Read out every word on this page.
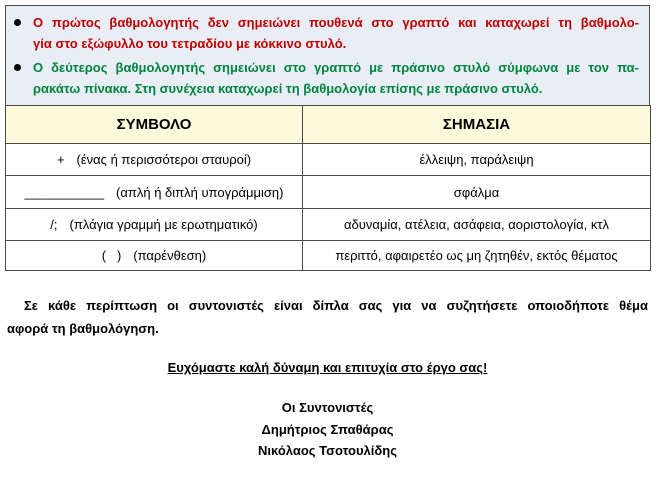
Ο πρώτος βαθμολογητής δεν σημειώνει πουθενά στο γραπτό και καταχωρεί τη βαθμολο-
γία στο εξώφυλλο του τετραδίου με κόκκινο στυλό.
Ο δεύτερος βαθμολογητής σημειώνει στο γραπτό με πράσινο στυλό σύμφωνα με τον πα-
ρακάτω πίνακα. Στη συνέχεια καταχωρεί τη βαθμολογία επίσης με πράσινο στυλό.
ΣΥΜΒΟΛΟ	ΣΗΜΑΣΙΑ
+ (ένας ή περισσότεροι σταυροί)	έλλειψη, παράλειψη
___________ (απλή ή διπλή υπογράμμιση)	σφάλμα
/; (πλάγια γραμμή με ερωτηματικό)	αδυναμία, ατέλεια, ασάφεια, αοριστολογία, κτλ
(   ) (παρένθεση)	περιττό, αφαιρετέο ως μη ζητηθέν, εκτός θέματος
Σε κάθε περίπτωση οι συντονιστές είναι δίπλα σας για να συζητήσετε οποιοδήποτε θέμα
αφορά τη βαθμολόγηση.
Ευχόμαστε καλή δύναμη και επιτυχία στο έργο σας!
Οι Συντονιστές
Δημήτριος Σπαθάρας
Νικόλαος Τσοτουλίδης
